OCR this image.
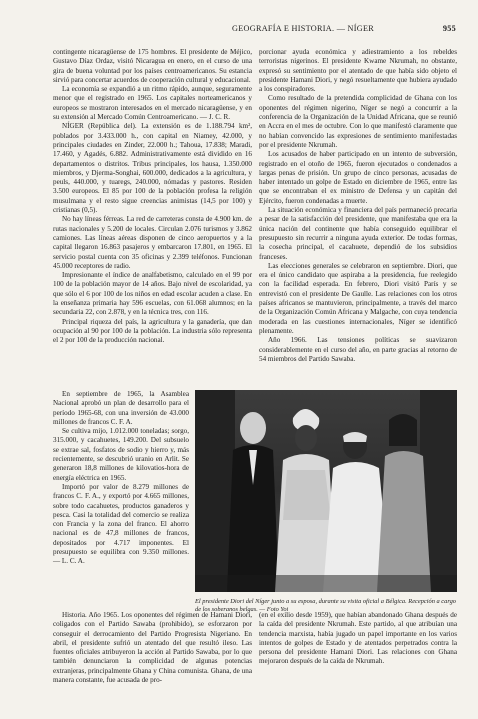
GEOGRAFÍA E HISTORIA. — NÍGER	955

contingente nicaragüense de 175 hombres. El presidente de Méjico, Gustavo Díaz Ordaz, visitó Nicaragua en enero, en el curso de una gira de buena voluntad por los países centroamericanos. Su estancia sirvió para concertar acuerdos de cooperación cultural y educacional.

La economía se expandió a un ritmo rápido, aunque, seguramente menor que el registrado en 1965. Los capitales norteamericanos y europeos se mostraron interesados en el mercado nicaragüense, y en su extensión al Mercado Común Centroamericano. — J. C. R.

NÍGER (República del). La extensión es de 1.188.794 km², poblados por 3.433.000 h., con capital en Niamey, 42.000, y principales ciudades en Zinder, 22.000 h.; Tahoua, 17.838; Maradi, 17.460, y Agadés, 6.882. Administrativamente está dividido en 16 departamentos o distritos. Tribus principales, los hausa, 1.350.000 miembros, y Djerma-Songhai, 600.000, dedicados a la agricultura, y peuls, 440.000, y tuaregs, 240.000, nómadas y pastores. Residen 3.500 europeos. El 85 por 100 de la población profesa la religión musulmana y el resto sigue creencias animistas (14,5 por 100) y cristianas (0,5).

No hay líneas férreas. La red de carreteras consta de 4.900 km. de rutas nacionales y 5.200 de locales. Circulan 2.076 turismos y 3.862 camiones. Las líneas aéreas disponen de cinco aeropuertos y a la capital llegaron 16.863 pasajeros y embarcaron 17.801, en 1965. El servicio postal cuenta con 35 oficinas y 2.399 teléfonos. Funcionan 45.000 receptores de radio.

Impresionante el índice de analfabetismo, calculado en el 99 por 100 de la población mayor de 14 años. Bajo nivel de escolaridad, ya que sólo el 6 por 100 de los niños en edad escolar acuden a clase. En la enseñanza primaria hay 596 escuelas, con 61.068 alumnos; en la secundaria 22, con 2.878, y en la técnica tres, con 116.

Principal riqueza del país, la agricultura y la ganadería, que dan ocupación al 90 por 100 de la población. La industria sólo representa el 2 por 100 de la producción nacional.

En septiembre de 1965, la Asamblea Nacional aprobó un plan de desarrollo para el período 1965-68, con una inversión de 43.000 millones de francos C. F. A.

Se cultiva mijo, 1.012.000 toneladas; sorgo, 315.000, y cacahuetes, 149.200. Del subsuelo se extrae sal, fosfatos de sodio y hierro y, más recientemente, se descubrió uranio en Arlit. Se generaron 18,8 millones de kilovatios-hora de energía eléctrica en 1965.

Importó por valor de 8.279 millones de francos C. F. A., y exportó por 4.665 millones, sobre todo cacahuetes, productos ganaderos y pesca. Casi la totalidad del comercio se realiza con Francia y la zona del franco. El ahorro nacional es de 47,8 millones de francos, depositados por 4.717 imponentes. El presupuesto se equilibra con 9.350 millones. — L. C. A.

porcionar ayuda económica y adiestramiento a los rebeldes terroristas nigerinos. El presidente Kwame Nkrumah, no obstante, expresó su sentimiento por el atentado de que había sido objeto el presidente Hamani Diori, y negó resueltamente que hubiera ayudado a los conspiradores.

Como resultado de la pretendida complicidad de Ghana con los oponentes del régimen nigerino, Níger se negó a concurrir a la conferencia de la Organización de la Unidad Africana, que se reunió en Accra en el mes de octubre. Con lo que manifestó claramente que no habían convencido las expresiones de sentimiento manifestadas por el presidente Nkrumah.

Los acusados de haber participado en un intento de subversión, registrado en el otoño de 1965, fueron ejecutados o condenados a largas penas de prisión. Un grupo de cinco personas, acusadas de haber intentado un golpe de Estado en diciembre de 1965, entre las que se encontraban el ex ministro de Defensa y un capitán del Ejército, fueron condenadas a muerte.

La situación económica y financiera del país permaneció precaria a pesar de la satisfacción del presidente, que manifestaba que era la única nación del continente que había conseguido equilibrar el presupuesto sin recurrir a ninguna ayuda exterior. De todas formas, la cosecha principal, el cacahuete, dependió de los subsidios franceses.

Las elecciones generales se celebraron en septiembre. Diori, que era el único candidato que aspiraba a la presidencia, fue reelegido con la facilidad esperada. En febrero, Diori visitó París y se entrevistó con el presidente De Gaulle. Las relaciones con los otros países africanos se mantuvieron, principalmente, a través del marco de la Organización Común Africana y Malgache, con cuya tendencia moderada en las cuestiones internacionales, Níger se identificó plenamente.

Año 1966. Las tensiones políticas se suavizaron considerablemente en el curso del año, en parte gracias al retorno de 54 miembros del Partido Sawaba.

El presidente Diori del Níger junto a su esposa, durante su visita oficial a Bélgica. Recepción a cargo de los soberanos belgas. — Foto Yoi

Historia. Año 1965. Los oponentes del régimen de Hamani Diori, coligados con el Partido Sawaba (prohibido), se esforzaron por conseguir el derrocamiento del Partido Progresista Nigeriano. En abril, el presidente sufrió un atentado del que resultó ileso. Las fuentes oficiales atribuyeron la acción al Partido Sawaba, por lo que también denunciaron la complicidad de algunas potencias extranjeras, principalmente Ghana y China comunista. Ghana, de una manera constante, fue acusada de pro-

(en el exilio desde 1959), que habían abandonado Ghana después de la caída del presidente Nkrumah. Este partido, al que atribuían una tendencia marxista, había jugado un papel importante en los varios intentos de golpes de Estado y de atentados perpetrados contra la persona del presidente Hamani Diori. Las relaciones con Ghana mejoraron después de la caída de Nkrumah.
